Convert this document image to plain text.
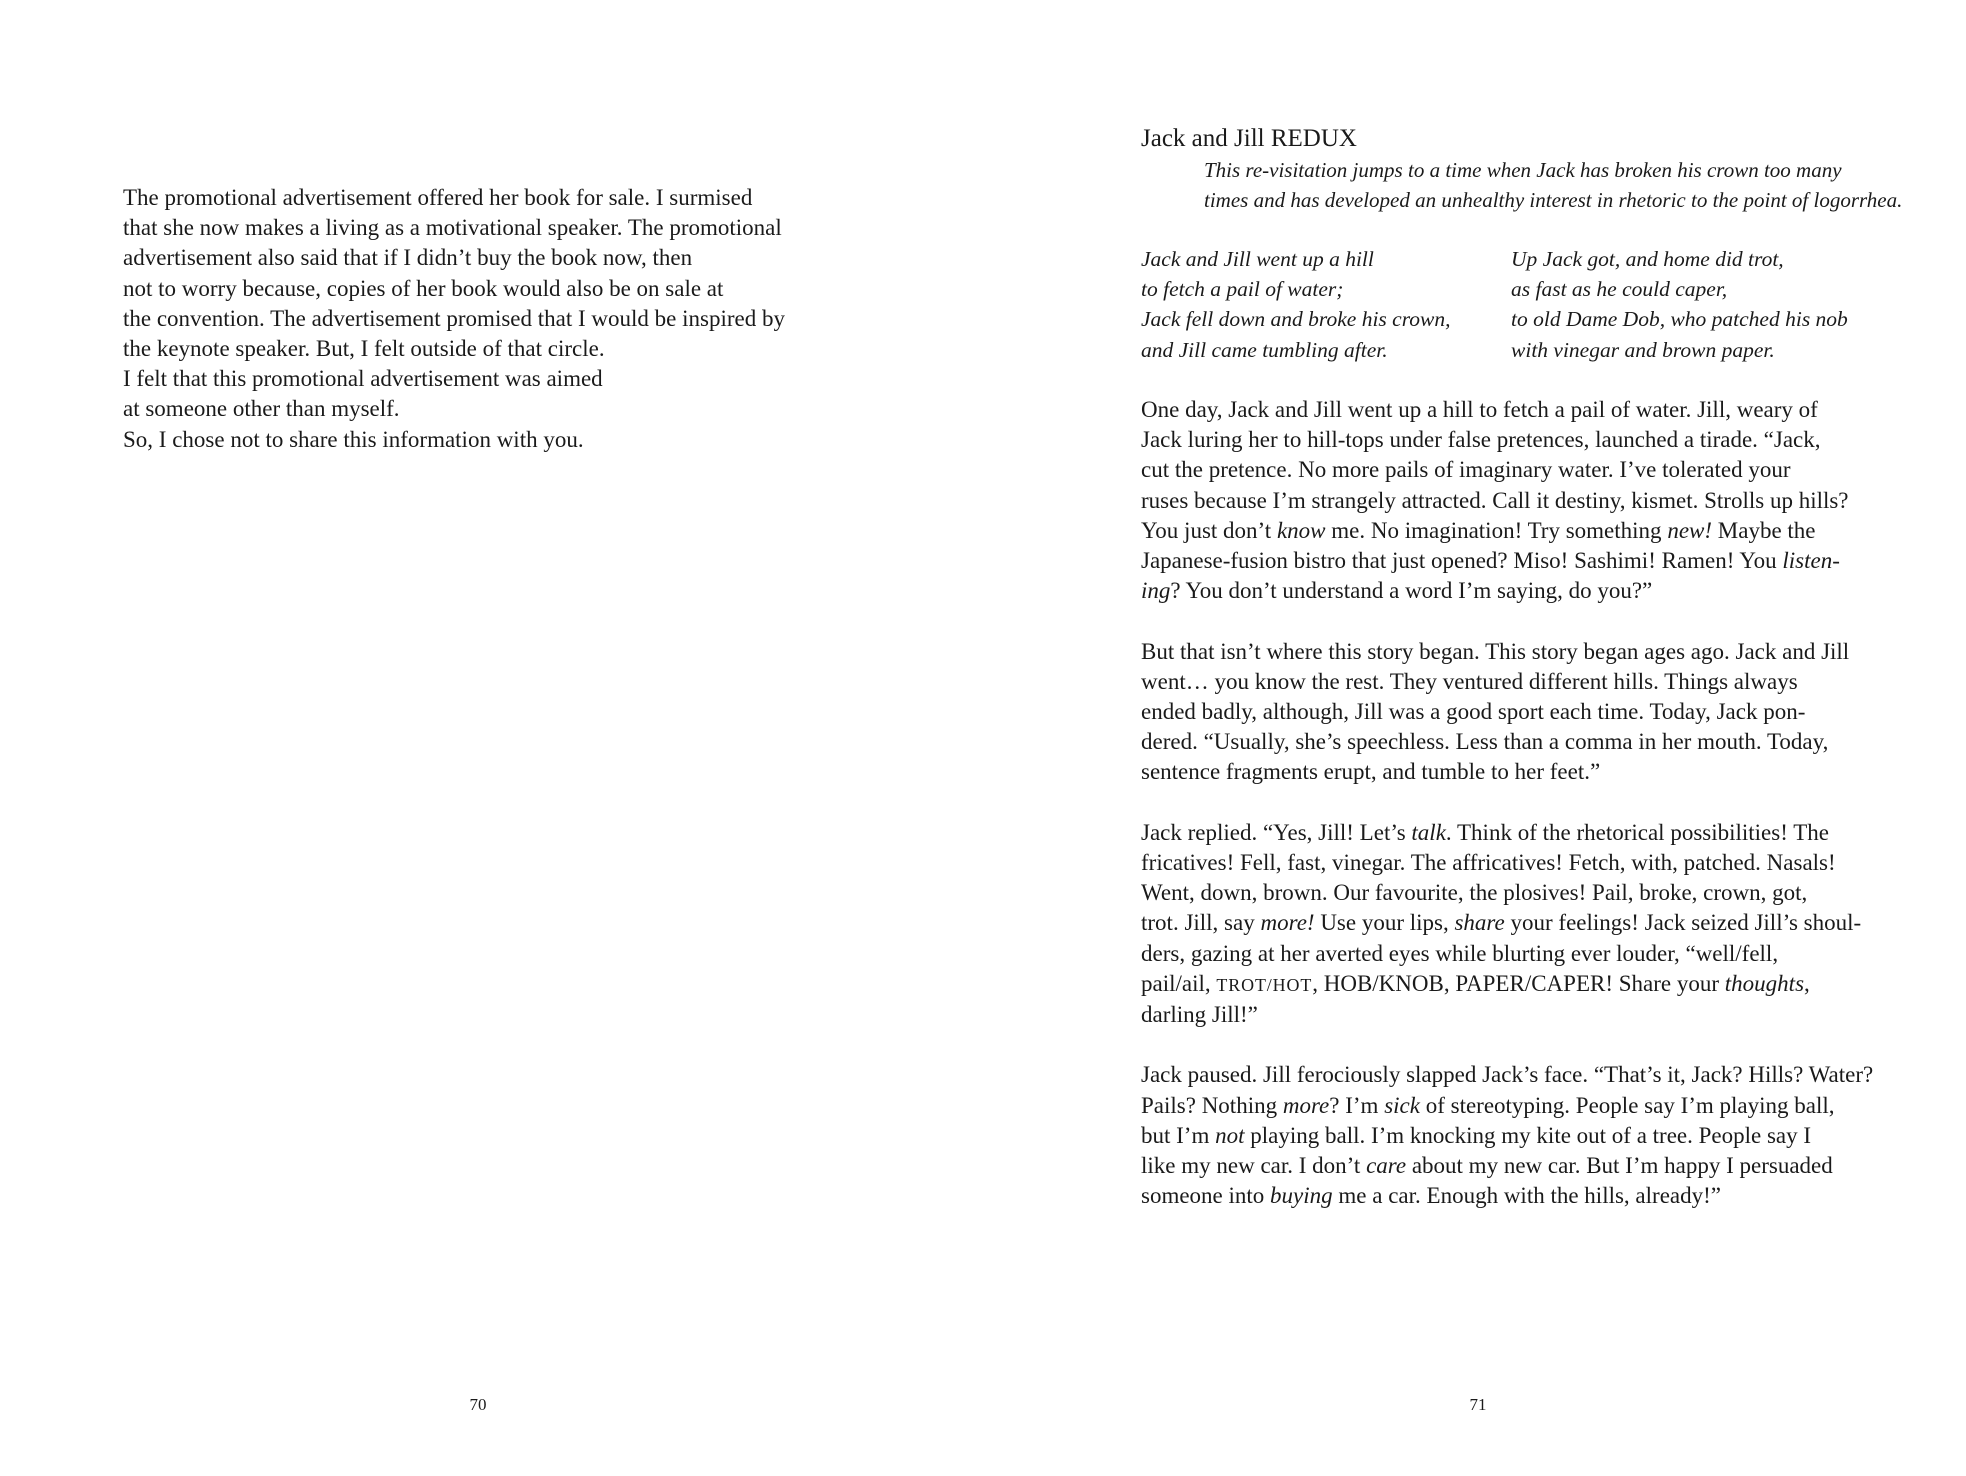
The promotional advertisement offered her book for sale. I surmised
that she now makes a living as a motivational speaker. The promotional
advertisement also said that if I didn’t buy the book now, then
not to worry because, copies of her book would also be on sale at
the convention. The advertisement promised that I would be inspired by
the keynote speaker. But, I felt outside of that circle.
I felt that this promotional advertisement was aimed
at someone other than myself.
So, I chose not to share this information with you.

70

Jack and Jill REDUX

This re-visitation jumps to a time when Jack has broken his crown too many
times and has developed an unhealthy interest in rhetoric to the point of logorrhea.

Jack and Jill went up a hill
to fetch a pail of water;
Jack fell down and broke his crown,
and Jill came tumbling after.

Up Jack got, and home did trot,
as fast as he could caper,
to old Dame Dob, who patched his nob
with vinegar and brown paper.

One day, Jack and Jill went up a hill to fetch a pail of water. Jill, weary of
Jack luring her to hill-tops under false pretences, launched a tirade. “Jack,
cut the pretence. No more pails of imaginary water. I’ve tolerated your
ruses because I’m strangely attracted. Call it destiny, kismet. Strolls up hills?
You just don’t know me. No imagination! Try something new! Maybe the
Japanese-fusion bistro that just opened? Miso! Sashimi! Ramen! You listen-
ing? You don’t understand a word I’m saying, do you?”

But that isn’t where this story began. This story began ages ago. Jack and Jill
went… you know the rest. They ventured different hills. Things always
ended badly, although, Jill was a good sport each time. Today, Jack pon-
dered. “Usually, she’s speechless. Less than a comma in her mouth. Today,
sentence fragments erupt, and tumble to her feet.”

Jack replied. “Yes, Jill! Let’s talk. Think of the rhetorical possibilities! The
fricatives! Fell, fast, vinegar. The affricatives! Fetch, with, patched. Nasals!
Went, down, brown. Our favourite, the plosives! Pail, broke, crown, got,
trot. Jill, say more! Use your lips, share your feelings! Jack seized Jill’s shoul-
ders, gazing at her averted eyes while blurting ever louder, “well/fell,
pail/ail, TROT/HOT, HOB/KNOB, PAPER/CAPER! Share your thoughts,
darling Jill!”

Jack paused. Jill ferociously slapped Jack’s face. “That’s it, Jack? Hills? Water?
Pails? Nothing more? I’m sick of stereotyping. People say I’m playing ball,
but I’m not playing ball. I’m knocking my kite out of a tree. People say I
like my new car. I don’t care about my new car. But I’m happy I persuaded
someone into buying me a car. Enough with the hills, already!”

71
